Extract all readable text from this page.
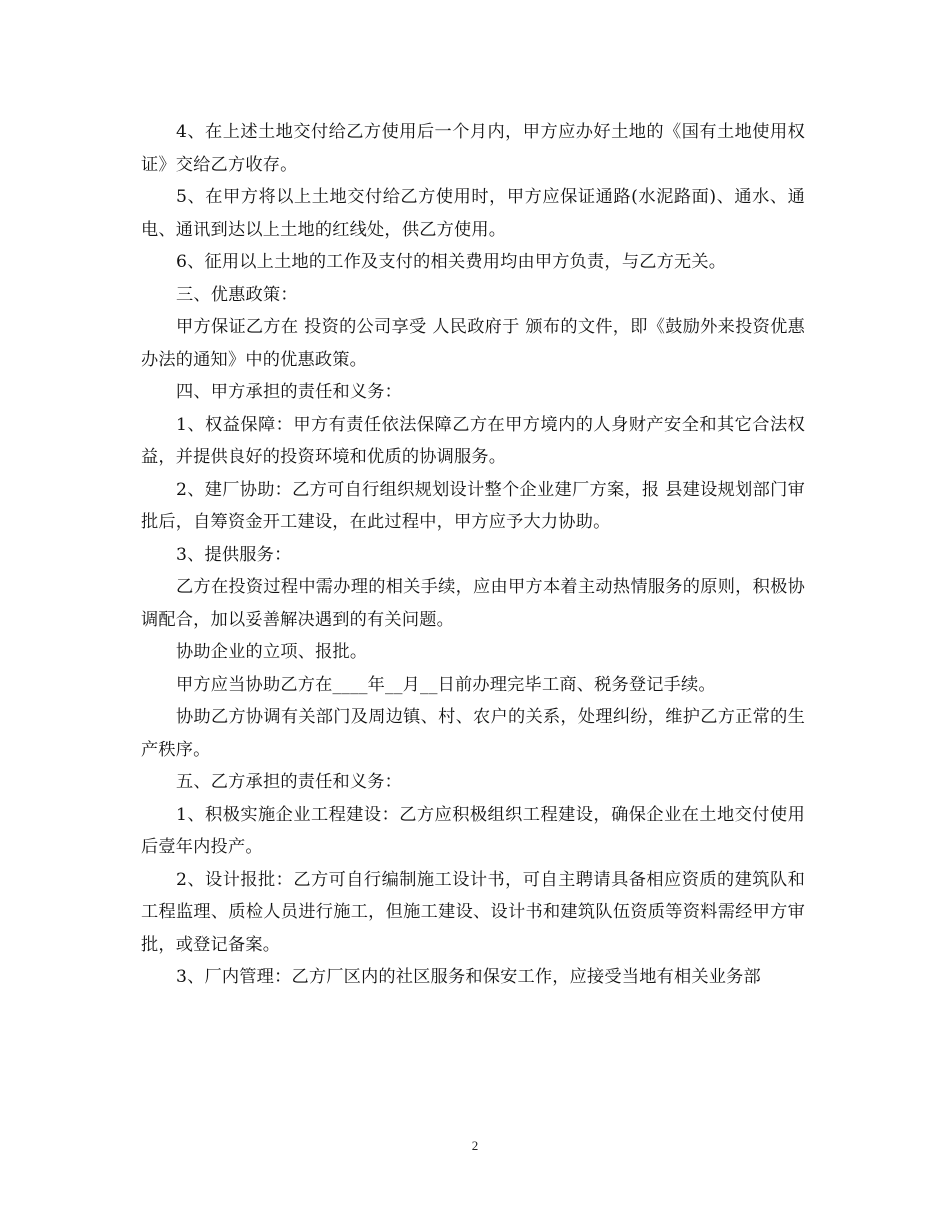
4、在上述土地交付给乙方使用后一个月内，甲方应办好土地的《国有土地使用权证》交给乙方收存。

5、在甲方将以上土地交付给乙方使用时，甲方应保证通路(水泥路面)、通水、通电、通讯到达以上土地的红线处，供乙方使用。

6、征用以上土地的工作及支付的相关费用均由甲方负责，与乙方无关。

三、优惠政策：

甲方保证乙方在 投资的公司享受 人民政府于 颁布的文件，即《鼓励外来投资优惠办法的通知》中的优惠政策。

四、甲方承担的责任和义务：

1、权益保障：甲方有责任依法保障乙方在甲方境内的人身财产安全和其它合法权益，并提供良好的投资环境和优质的协调服务。

2、建厂协助：乙方可自行组织规划设计整个企业建厂方案，报 县建设规划部门审批后，自筹资金开工建设，在此过程中，甲方应予大力协助。

3、提供服务：

乙方在投资过程中需办理的相关手续，应由甲方本着主动热情服务的原则，积极协调配合，加以妥善解决遇到的有关问题。

协助企业的立项、报批。

甲方应当协助乙方在____年__月__日前办理完毕工商、税务登记手续。

协助乙方协调有关部门及周边镇、村、农户的关系，处理纠纷，维护乙方正常的生产秩序。

五、乙方承担的责任和义务：

1、积极实施企业工程建设：乙方应积极组织工程建设，确保企业在土地交付使用后壹年内投产。

2、设计报批：乙方可自行编制施工设计书，可自主聘请具备相应资质的建筑队和工程监理、质检人员进行施工，但施工建设、设计书和建筑队伍资质等资料需经甲方审批，或登记备案。

3、厂内管理：乙方厂区内的社区服务和保安工作，应接受当地有相关业务部

2
